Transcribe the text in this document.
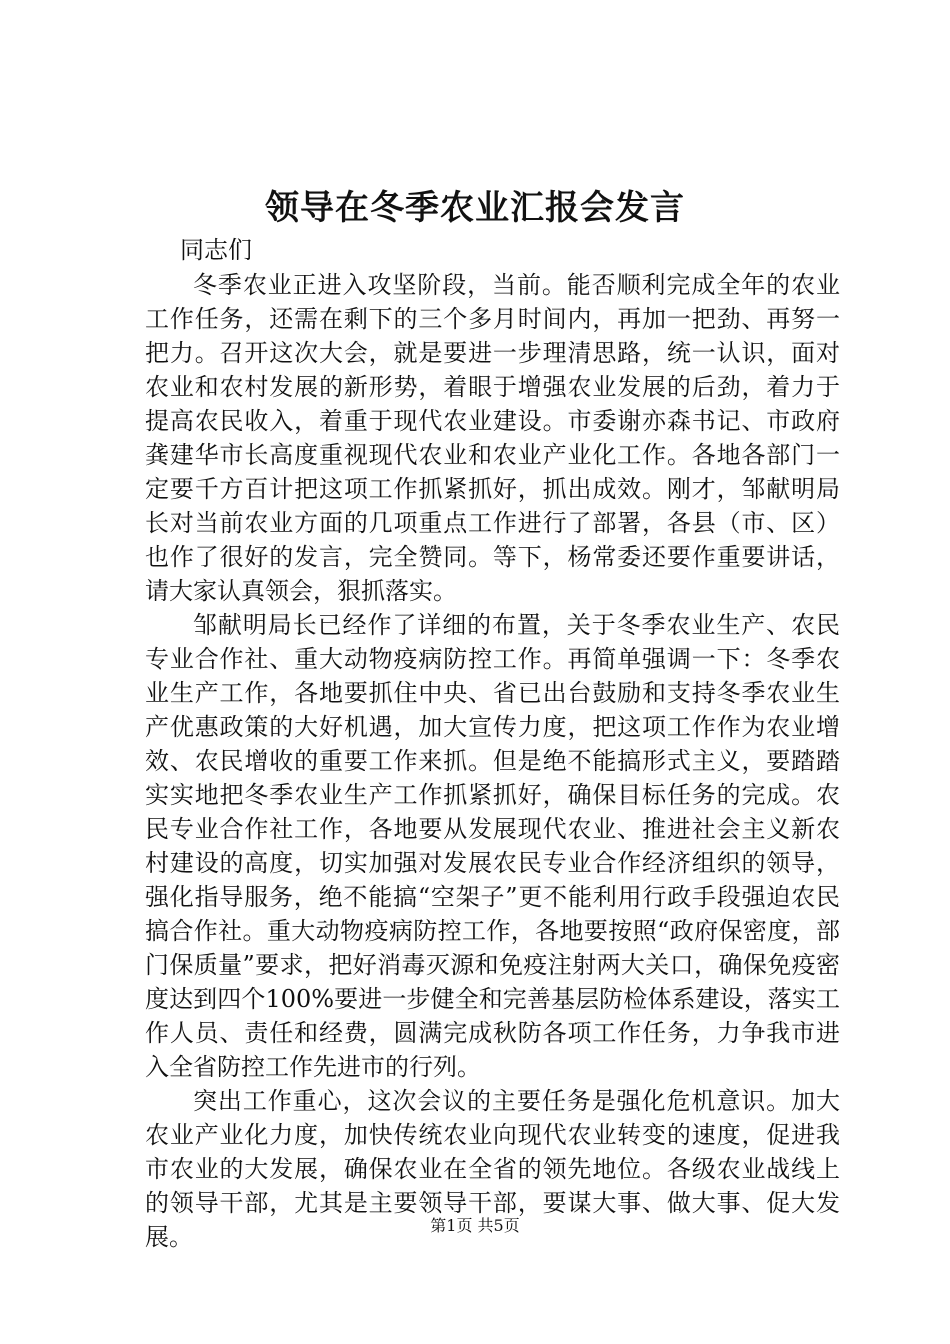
领导在冬季农业汇报会发言

同志们

冬季农业正进入攻坚阶段，当前。能否顺利完成全年的农业工作任务，还需在剩下的三个多月时间内，再加一把劲、再努一把力。召开这次大会，就是要进一步理清思路，统一认识，面对农业和农村发展的新形势，着眼于增强农业发展的后劲，着力于提高农民收入，着重于现代农业建设。市委谢亦森书记、市政府龚建华市长高度重视现代农业和农业产业化工作。各地各部门一定要千方百计把这项工作抓紧抓好，抓出成效。刚才，邹献明局长对当前农业方面的几项重点工作进行了部署，各县（市、区）也作了很好的发言，完全赞同。等下，杨常委还要作重要讲话，请大家认真领会，狠抓落实。

邹献明局长已经作了详细的布置，关于冬季农业生产、农民专业合作社、重大动物疫病防控工作。再简单强调一下：冬季农业生产工作，各地要抓住中央、省已出台鼓励和支持冬季农业生产优惠政策的大好机遇，加大宣传力度，把这项工作作为农业增效、农民增收的重要工作来抓。但是绝不能搞形式主义，要踏踏实实地把冬季农业生产工作抓紧抓好，确保目标任务的完成。农民专业合作社工作，各地要从发展现代农业、推进社会主义新农村建设的高度，切实加强对发展农民专业合作经济组织的领导，强化指导服务，绝不能搞“空架子”更不能利用行政手段强迫农民搞合作社。重大动物疫病防控工作，各地要按照“政府保密度，部门保质量”要求，把好消毒灭源和免疫注射两大关口，确保免疫密度达到四个100%要进一步健全和完善基层防检体系建设，落实工作人员、责任和经费，圆满完成秋防各项工作任务，力争我市进入全省防控工作先进市的行列。

突出工作重心，这次会议的主要任务是强化危机意识。加大农业产业化力度，加快传统农业向现代农业转变的速度，促进我市农业的大发展，确保农业在全省的领先地位。各级农业战线上的领导干部，尤其是主要领导干部，要谋大事、做大事、促大发展。	第1页 共5页
